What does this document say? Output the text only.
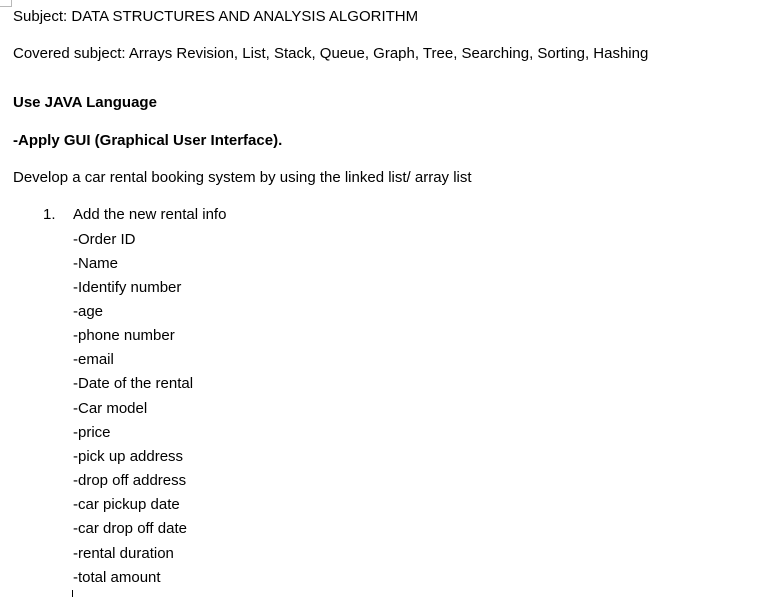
Subject: DATA STRUCTURES AND ANALYSIS ALGORITHM
Covered subject: Arrays Revision, List, Stack, Queue, Graph, Tree, Searching, Sorting, Hashing
Use JAVA Language
-Apply GUI (Graphical User Interface).
Develop a car rental booking system by using the linked list/ array list
1. Add the new rental info
-Order ID
-Name
-Identify number
-age
-phone number
-email
-Date of the rental
-Car model
-price
-pick up address
-drop off address
-car pickup date
-car drop off date
-rental duration
-total amount
